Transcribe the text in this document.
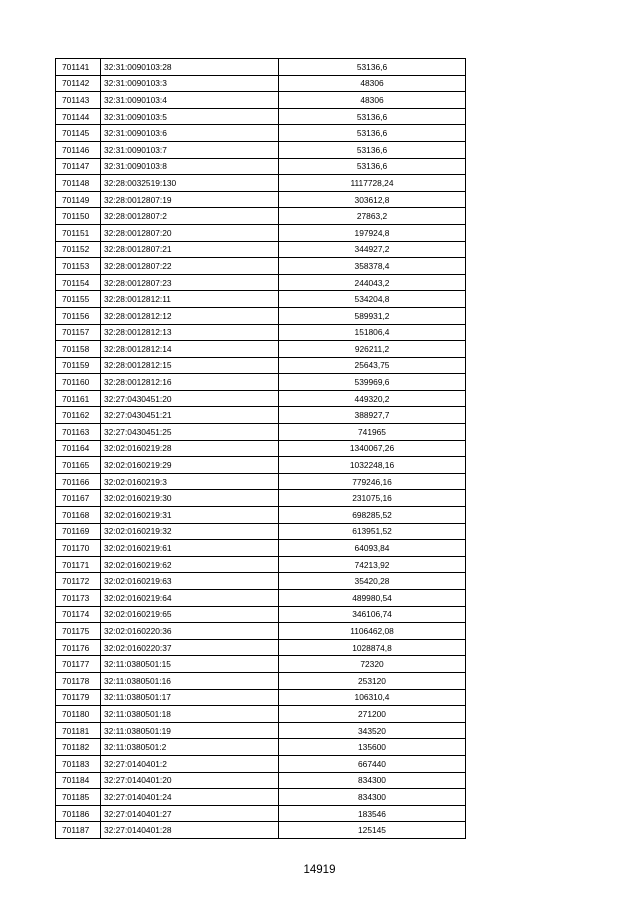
701141	32:31:0090103:28	53136,6
701142	32:31:0090103:3	48306
701143	32:31:0090103:4	48306
701144	32:31:0090103:5	53136,6
701145	32:31:0090103:6	53136,6
701146	32:31:0090103:7	53136,6
701147	32:31:0090103:8	53136,6
701148	32:28:0032519:130	1117728,24
701149	32:28:0012807:19	303612,8
701150	32:28:0012807:2	27863,2
701151	32:28:0012807:20	197924,8
701152	32:28:0012807:21	344927,2
701153	32:28:0012807:22	358378,4
701154	32:28:0012807:23	244043,2
701155	32:28:0012812:11	534204,8
701156	32:28:0012812:12	589931,2
701157	32:28:0012812:13	151806,4
701158	32:28:0012812:14	926211,2
701159	32:28:0012812:15	25643,75
701160	32:28:0012812:16	539969,6
701161	32:27:0430451:20	449320,2
701162	32:27:0430451:21	388927,7
701163	32:27:0430451:25	741965
701164	32:02:0160219:28	1340067,26
701165	32:02:0160219:29	1032248,16
701166	32:02:0160219:3	779246,16
701167	32:02:0160219:30	231075,16
701168	32:02:0160219:31	698285,52
701169	32:02:0160219:32	613951,52
701170	32:02:0160219:61	64093,84
701171	32:02:0160219:62	74213,92
701172	32:02:0160219:63	35420,28
701173	32:02:0160219:64	489980,54
701174	32:02:0160219:65	346106,74
701175	32:02:0160220:36	1106462,08
701176	32:02:0160220:37	1028874,8
701177	32:11:0380501:15	72320
701178	32:11:0380501:16	253120
701179	32:11:0380501:17	106310,4
701180	32:11:0380501:18	271200
701181	32:11:0380501:19	343520
701182	32:11:0380501:2	135600
701183	32:27:0140401:2	667440
701184	32:27:0140401:20	834300
701185	32:27:0140401:24	834300
701186	32:27:0140401:27	183546
701187	32:27:0140401:28	125145
14919
